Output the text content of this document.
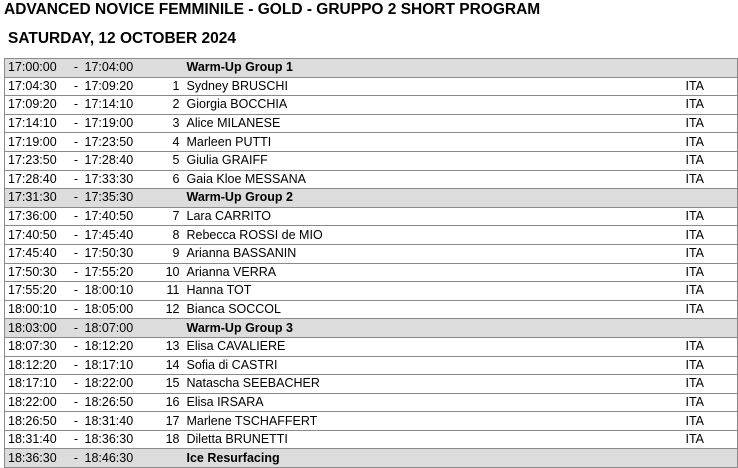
ADVANCED NOVICE FEMMINILE - GOLD - GRUPPO 2 SHORT PROGRAM
SATURDAY, 12 OCTOBER 2024
17:00:00	-	17:04:00		Warm-Up Group 1	
17:04:30	-	17:09:20	1	Sydney BRUSCHI	ITA
17:09:20	-	17:14:10	2	Giorgia BOCCHIA	ITA
17:14:10	-	17:19:00	3	Alice MILANESE	ITA
17:19:00	-	17:23:50	4	Marleen PUTTI	ITA
17:23:50	-	17:28:40	5	Giulia GRAIFF	ITA
17:28:40	-	17:33:30	6	Gaia Kloe MESSANA	ITA
17:31:30	-	17:35:30		Warm-Up Group 2	
17:36:00	-	17:40:50	7	Lara CARRITO	ITA
17:40:50	-	17:45:40	8	Rebecca ROSSI de MIO	ITA
17:45:40	-	17:50:30	9	Arianna BASSANIN	ITA
17:50:30	-	17:55:20	10	Arianna VERRA	ITA
17:55:20	-	18:00:10	11	Hanna TOT	ITA
18:00:10	-	18:05:00	12	Bianca SOCCOL	ITA
18:03:00	-	18:07:00		Warm-Up Group 3	
18:07:30	-	18:12:20	13	Elisa CAVALIERE	ITA
18:12:20	-	18:17:10	14	Sofia di CASTRI	ITA
18:17:10	-	18:22:00	15	Natascha SEEBACHER	ITA
18:22:00	-	18:26:50	16	Elisa IRSARA	ITA
18:26:50	-	18:31:40	17	Marlene TSCHAFFERT	ITA
18:31:40	-	18:36:30	18	Diletta BRUNETTI	ITA
18:36:30	-	18:46:30		Ice Resurfacing	
